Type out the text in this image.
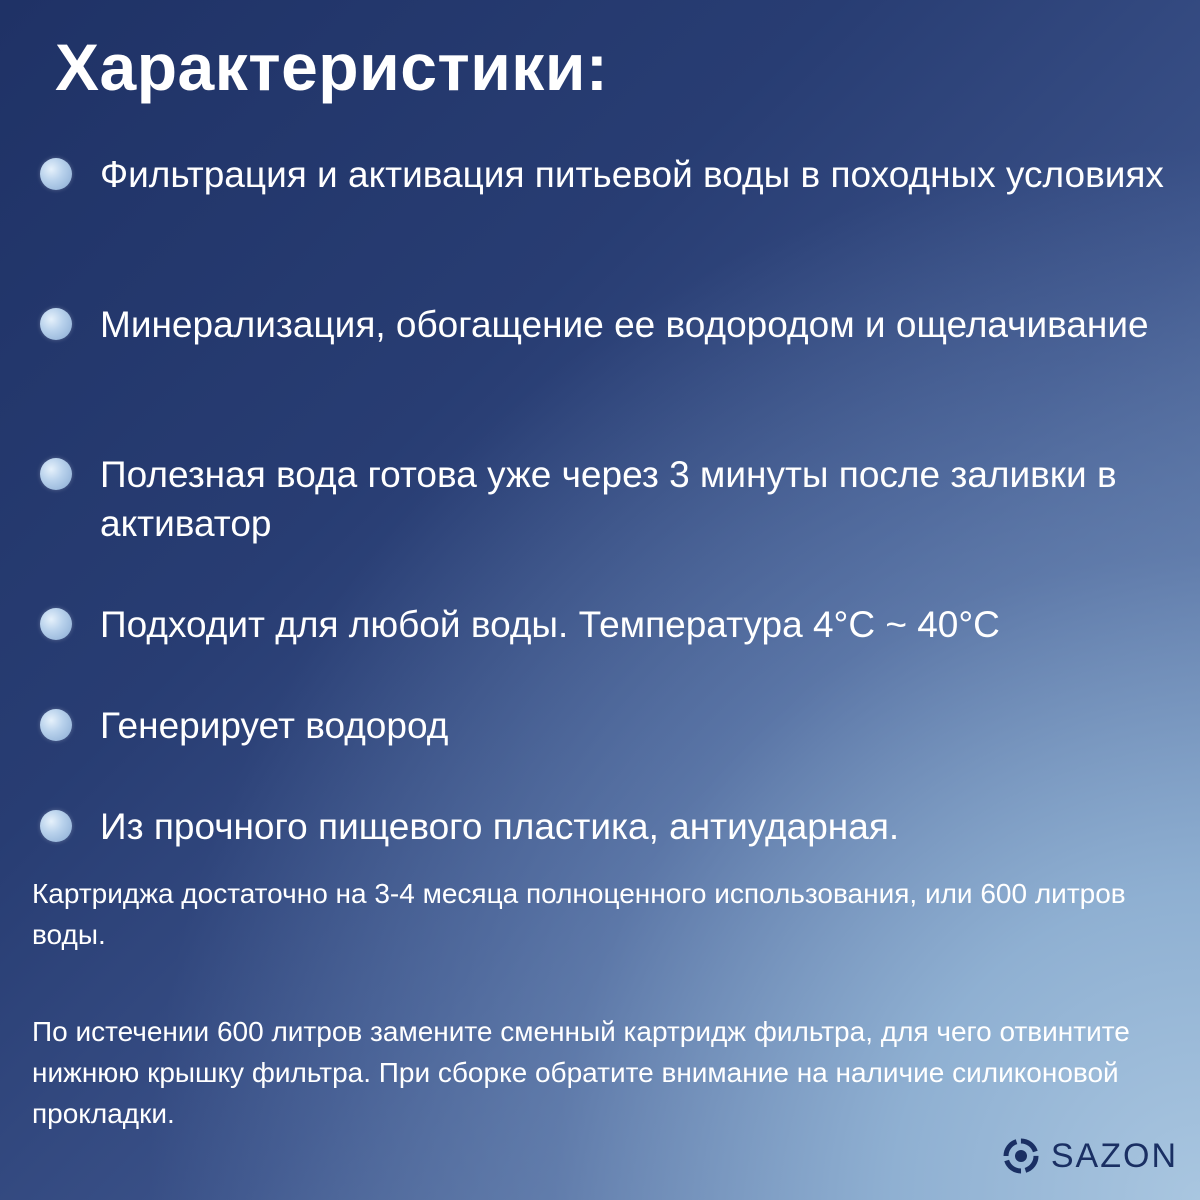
Характеристики:
Фильтрация и активация питьевой воды в походных условиях
Минерализация, обогащение ее водородом и ощелачивание
Полезная вода готова уже через 3 минуты после заливки в активатор
Подходит для любой воды. Температура 4°C ~ 40°C
Генерирует водород
Из прочного пищевого пластика, антиударная.

Картриджа достаточно на 3-4 месяца полноценного использования, или 600 литров воды.

По истечении 600 литров замените сменный картридж фильтра, для чего отвинтите нижнюю крышку фильтра. При сборке обратите внимание на наличие силиконовой прокладки.

SAZON
